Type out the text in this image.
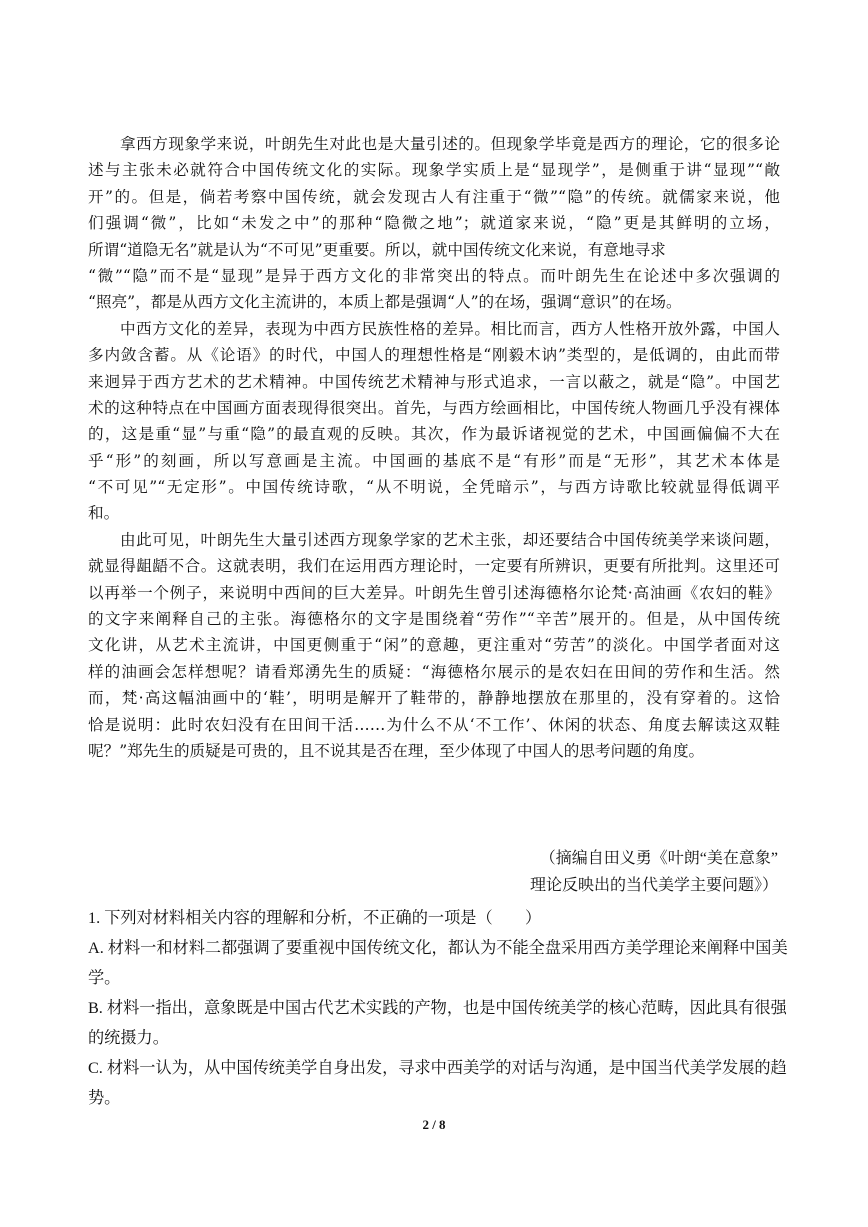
拿西方现象学来说，叶朗先生对此也是大量引述的。但现象学毕竟是西方的理论，它的很多论
述与主张未必就符合中国传统文化的实际。现象学实质上是“显现学”，是侧重于讲“显现”“敞
开”的。但是，倘若考察中国传统，就会发现古人有注重于“微”“隐”的传统。就儒家来说，他
们强调“微”，比如“未发之中”的那种“隐微之地”；就道家来说，“隐”更是其鲜明的立场，
所谓“道隐无名”就是认为“不可见”更重要。所以，就中国传统文化来说，有意地寻求
“微”“隐”而不是“显现”是异于西方文化的非常突出的特点。而叶朗先生在论述中多次强调的
“照亮”，都是从西方文化主流讲的，本质上都是强调“人”的在场，强调“意识”的在场。
中西方文化的差异，表现为中西方民族性格的差异。相比而言，西方人性格开放外露，中国人
多内敛含蓄。从《论语》的时代，中国人的理想性格是“刚毅木讷”类型的，是低调的，由此而带
来迥异于西方艺术的艺术精神。中国传统艺术精神与形式追求，一言以蔽之，就是“隐”。中国艺
术的这种特点在中国画方面表现得很突出。首先，与西方绘画相比，中国传统人物画几乎没有裸体
的，这是重“显”与重“隐”的最直观的反映。其次，作为最诉诸视觉的艺术，中国画偏偏不大在
乎“形”的刻画，所以写意画是主流。中国画的基底不是“有形”而是“无形”，其艺术本体是
“不可见”“无定形”。中国传统诗歌，“从不明说，全凭暗示”，与西方诗歌比较就显得低调平
和。
由此可见，叶朗先生大量引述西方现象学家的艺术主张，却还要结合中国传统美学来谈问题，
就显得龃龉不合。这就表明，我们在运用西方理论时，一定要有所辨识，更要有所批判。这里还可
以再举一个例子，来说明中西间的巨大差异。叶朗先生曾引述海德格尔论梵·高油画《农妇的鞋》
的文字来阐释自己的主张。海德格尔的文字是围绕着“劳作”“辛苦”展开的。但是，从中国传统
文化讲，从艺术主流讲，中国更侧重于“闲”的意趣，更注重对“劳苦”的淡化。中国学者面对这
样的油画会怎样想呢？请看郑湧先生的质疑：“海德格尔展示的是农妇在田间的劳作和生活。然
而，梵·高这幅油画中的‘鞋’，明明是解开了鞋带的，静静地摆放在那里的，没有穿着的。这恰
恰是说明：此时农妇没有在田间干活……为什么不从‘不工作’、休闲的状态、角度去解读这双鞋
呢？”郑先生的质疑是可贵的，且不说其是否在理，至少体现了中国人的思考问题的角度。
（摘编自田义勇《叶朗“美在意象”
理论反映出的当代美学主要问题》）
1. 下列对材料相关内容的理解和分析，不正确的一项是（　　）
A. 材料一和材料二都强调了要重视中国传统文化，都认为不能全盘采用西方美学理论来阐释中国美
学。
B. 材料一指出，意象既是中国古代艺术实践的产物，也是中国传统美学的核心范畴，因此具有很强
的统摄力。
C. 材料一认为，从中国传统美学自身出发，寻求中西美学的对话与沟通，是中国当代美学发展的趋
势。
2 / 8
